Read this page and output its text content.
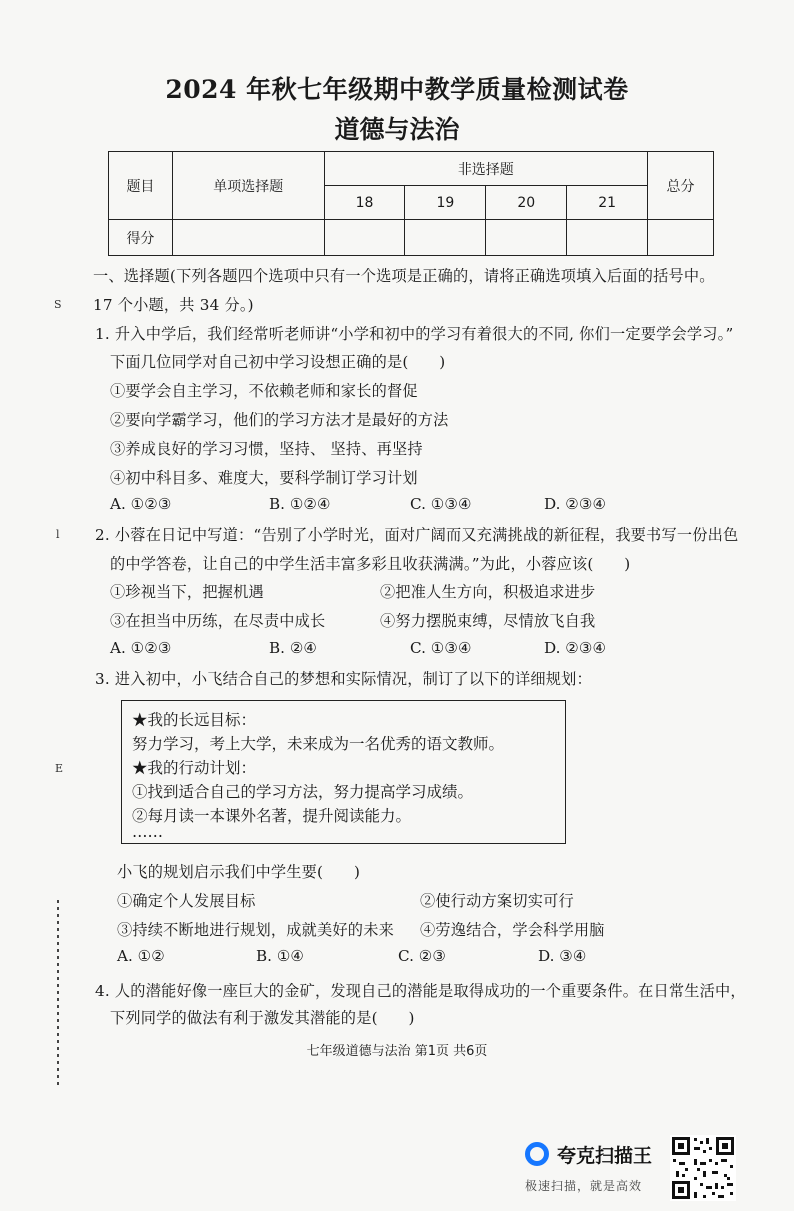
2024 年秋七年级期中教学质量检测试卷
道德与法治
题目	单项选择题	非选择题				总分
		18	19	20	21	
得分						
一、选择题(下列各题四个选项中只有一个选项是正确的，请将正确选项填入后面的括号中。
17 个小题，共 34 分。)
1. 升入中学后，我们经常听老师讲“小学和初中的学习有着很大的不同, 你们一定要学会学习。”
下面几位同学对自己初中学习设想正确的是(　　)
①要学会自主学习，不依赖老师和家长的督促
②要向学霸学习，他们的学习方法才是最好的方法
③养成良好的学习习惯，坚持、 坚持、再坚持
④初中科目多、难度大，要科学制订学习计划
A. ①②③	B. ①②④	C. ①③④	D. ②③④
2. 小蓉在日记中写道：“告别了小学时光，面对广阔而又充满挑战的新征程，我要书写一份出色
的中学答卷，让自己的中学生活丰富多彩且收获满满。”为此，小蓉应该(　　)
①珍视当下，把握机遇	②把准人生方向，积极追求进步
③在担当中历练，在尽责中成长	④努力摆脱束缚，尽情放飞自我
A. ①②③	B. ②④	C. ①③④	D. ②③④
3. 进入初中，小飞结合自己的梦想和实际情况，制订了以下的详细规划：
★我的长远目标：
努力学习，考上大学，未来成为一名优秀的语文教师。
★我的行动计划：
①找到适合自己的学习方法，努力提高学习成绩。
②每月读一本课外名著，提升阅读能力。
……
小飞的规划启示我们中学生要(　　)
①确定个人发展目标	②使行动方案切实可行
③持续不断地进行规划，成就美好的未来 ④劳逸结合，学会科学用脑
A. ①②	B. ①④	C. ②③	D. ③④
4. 人的潜能好像一座巨大的金矿，发现自己的潜能是取得成功的一个重要条件。在日常生活中，
下列同学的做法有利于激发其潜能的是(　　)
七年级道德与法治 第1页 共6页
S
l
E
夸克扫描王
极速扫描，就是高效
